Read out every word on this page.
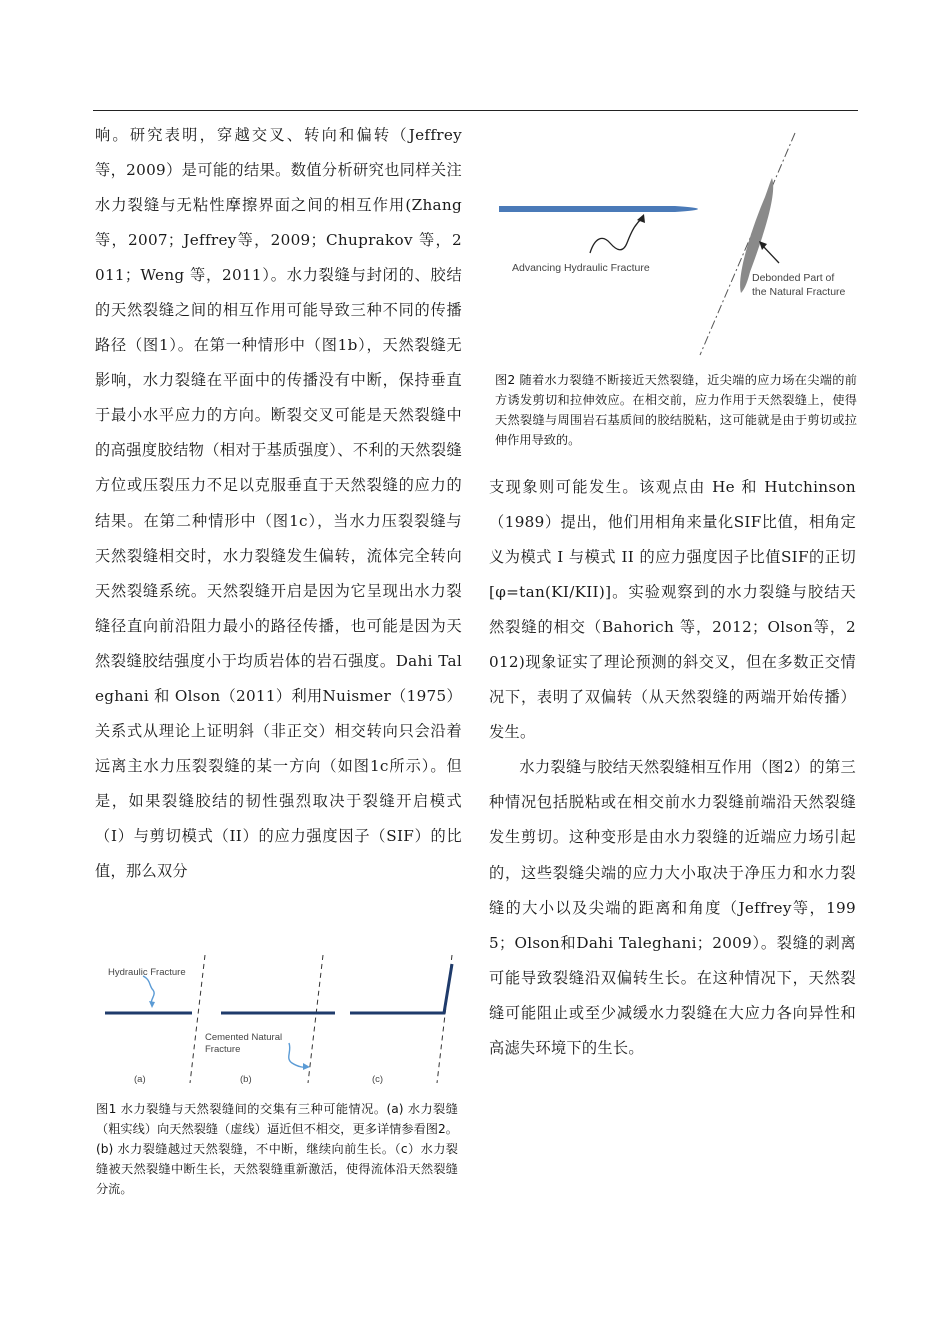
响。研究表明，穿越交叉、转向和偏转（Jeffrey 等，2009）是可能的结果。数值分析研究也同样关注水力裂缝与无粘性摩擦界面之间的相互作用(Zhang等，2007；Jeffrey等，2009；Chuprakov 等，2011；Weng 等，2011）。水力裂缝与封闭的、胶结的天然裂缝之间的相互作用可能导致三种不同的传播路径（图1）。在第一种情形中（图1b），天然裂缝无影响，水力裂缝在平面中的传播没有中断，保持垂直于最小水平应力的方向。断裂交叉可能是天然裂缝中的高强度胶结物（相对于基质强度）、不利的天然裂缝方位或压裂压力不足以克服垂直于天然裂缝的应力的结果。在第二种情形中（图1c），当水力压裂裂缝与天然裂缝相交时，水力裂缝发生偏转，流体完全转向天然裂缝系统。天然裂缝开启是因为它呈现出水力裂缝径直向前沿阻力最小的路径传播，也可能是因为天然裂缝胶结强度小于均质岩体的岩石强度。Dahi Taleghani 和 Olson（2011）利用Nuismer（1975）关系式从理论上证明斜（非正交）相交转向只会沿着远离主水力压裂裂缝的某一方向（如图1c所示）。但是，如果裂缝胶结的韧性强烈取决于裂缝开启模式（I）与剪切模式（II）的应力强度因子（SIF）的比值，那么双分

Hydraulic Fracture
Cemented Natural
Fracture
(a)	(b)	(c)

图1 水力裂缝与天然裂缝间的交集有三种可能情况。(a) 水力裂缝（粗实线）向天然裂缝（虚线）逼近但不相交，更多详情参看图2。(b) 水力裂缝越过天然裂缝，不中断，继续向前生长。（c）水力裂缝被天然裂缝中断生长，天然裂缝重新激活，使得流体沿天然裂缝分流。

Advancing Hydraulic Fracture
Debonded Part of
the Natural Fracture

图2 随着水力裂缝不断接近天然裂缝，近尖端的应力场在尖端的前方诱发剪切和拉伸效应。在相交前，应力作用于天然裂缝上，使得天然裂缝与周围岩石基质间的胶结脱粘，这可能就是由于剪切或拉伸作用导致的。

支现象则可能发生。该观点由 He 和 Hutchinson（1989）提出，他们用相角来量化SIF比值，相角定义为模式 I 与模式 II 的应力强度因子比值SIF的正切[φ=tan(KI/KII)]。实验观察到的水力裂缝与胶结天然裂缝的相交（Bahorich 等，2012；Olson等，2012)现象证实了理论预测的斜交叉，但在多数正交情况下，表明了双偏转（从天然裂缝的两端开始传播）发生。

水力裂缝与胶结天然裂缝相互作用（图2）的第三种情况包括脱粘或在相交前水力裂缝前端沿天然裂缝发生剪切。这种变形是由水力裂缝的近端应力场引起的，这些裂缝尖端的应力大小取决于净压力和水力裂缝的大小以及尖端的距离和角度（Jeffrey等，1995；Olson和Dahi Taleghani；2009）。裂缝的剥离可能导致裂缝沿双偏转生长。在这种情况下，天然裂缝可能阻止或至少减缓水力裂缝在大应力各向异性和高滤失环境下的生长。
